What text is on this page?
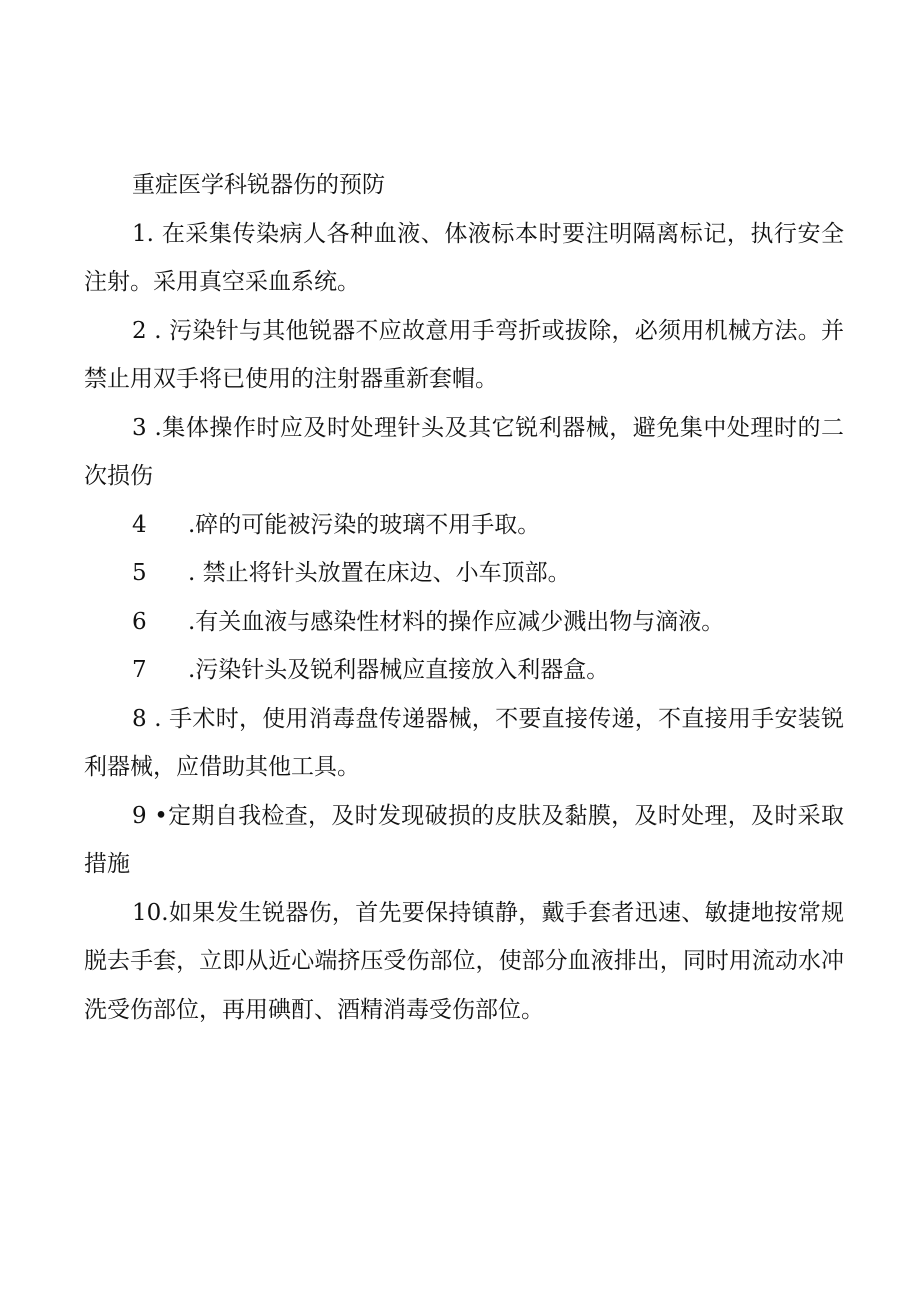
重症医学科锐器伤的预防

1. 在采集传染病人各种血液、体液标本时要注明隔离标记，执行安全注射。采用真空采血系统。

2 . 污染针与其他锐器不应故意用手弯折或拔除，必须用机械方法。并禁止用双手将已使用的注射器重新套帽。

3 .集体操作时应及时处理针头及其它锐利器械，避免集中处理时的二次损伤

4 .碎的可能被污染的玻璃不用手取。

5 . 禁止将针头放置在床边、小车顶部。

6 .有关血液与感染性材料的操作应减少溅出物与滴液。

7 .污染针头及锐利器械应直接放入利器盒。

8 . 手术时，使用消毒盘传递器械，不要直接传递，不直接用手安装锐利器械，应借助其他工具。

9 •定期自我检查，及时发现破损的皮肤及黏膜，及时处理，及时采取措施

10.如果发生锐器伤，首先要保持镇静，戴手套者迅速、敏捷地按常规脱去手套，立即从近心端挤压受伤部位，使部分血液排出，同时用流动水冲洗受伤部位，再用碘酊、酒精消毒受伤部位。
